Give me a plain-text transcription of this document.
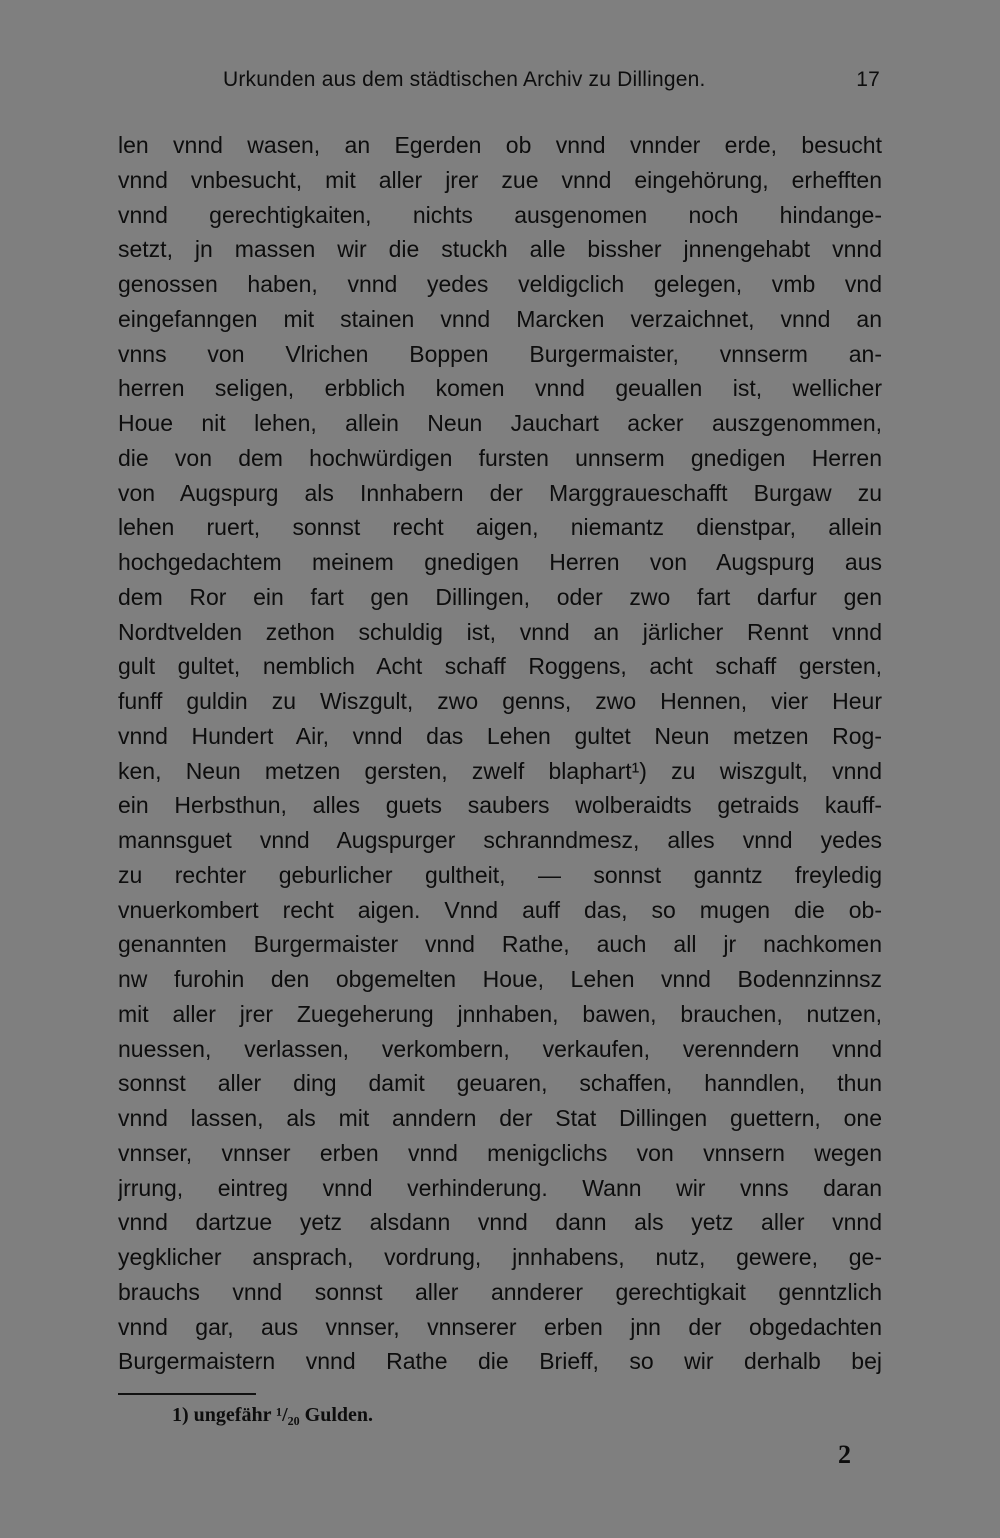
Urkunden aus dem städtischen Archiv zu Dillingen.	17
len vnnd wasen, an Egerden ob vnnd vnnder erde, besucht
vnnd vnbesucht, mit aller jrer zue vnnd eingehörung, erhefften
vnnd gerechtigkaiten, nichts ausgenomen noch hindange-
setzt, jn massen wir die stuckh alle bissher jnnengehabt vnnd
genossen haben, vnnd yedes veldigclich gelegen, vmb vnd
eingefanngen mit stainen vnnd Marcken verzaichnet, vnnd an
vnns von Vlrichen Boppen Burgermaister, vnnserm an-
herren seligen, erbblich komen vnnd geuallen ist, wellicher
Houe nit lehen, allein Neun Jauchart acker auszgenommen,
die von dem hochwürdigen fursten unnserm gnedigen Herren
von Augspurg als Innhabern der Marggraueschafft Burgaw zu
lehen ruert, sonnst recht aigen, niemantz dienstpar, allein
hochgedachtem meinem gnedigen Herren von Augspurg aus
dem Ror ein fart gen Dillingen, oder zwo fart darfur gen
Nordtvelden zethon schuldig ist, vnnd an järlicher Rennt vnnd
gult gultet, nemblich Acht schaff Roggens, acht schaff gersten,
funff guldin zu Wiszgult, zwo genns, zwo Hennen, vier Heur
vnnd Hundert Air, vnnd das Lehen gultet Neun metzen Rog-
ken, Neun metzen gersten, zwelf blaphart¹) zu wiszgult, vnnd
ein Herbsthun, alles guets saubers wolberaidts getraids kauff-
mannsguet vnnd Augspurger schranndmesz, alles vnnd yedes
zu rechter geburlicher gultheit, — sonnst ganntz freyledig
vnuerkombert recht aigen. Vnnd auff das, so mugen die ob-
genannten Burgermaister vnnd Rathe, auch all jr nachkomen
nw furohin den obgemelten Houe, Lehen vnnd Bodennzinnsz
mit aller jrer Zuegeherung jnnhaben, bawen, brauchen, nutzen,
nuessen, verlassen, verkombern, verkaufen, verenndern vnnd
sonnst aller ding damit geuaren, schaffen, hanndlen, thun
vnnd lassen, als mit anndern der Stat Dillingen guettern, one
vnnser, vnnser erben vnnd menigclichs von vnnsern wegen
jrrung, eintreg vnnd verhinderung. Wann wir vnns daran
vnnd dartzue yetz alsdann vnnd dann als yetz aller vnnd
yegklicher ansprach, vordrung, jnnhabens, nutz, gewere, ge-
brauchs vnnd sonnst aller annderer gerechtigkait genntzlich
vnnd gar, aus vnnser, vnnserer erben jnn der obgedachten
Burgermaistern vnnd Rathe die Brieff, so wir derhalb bej
1) ungefähr ¹/₂₀ Gulden.
2
